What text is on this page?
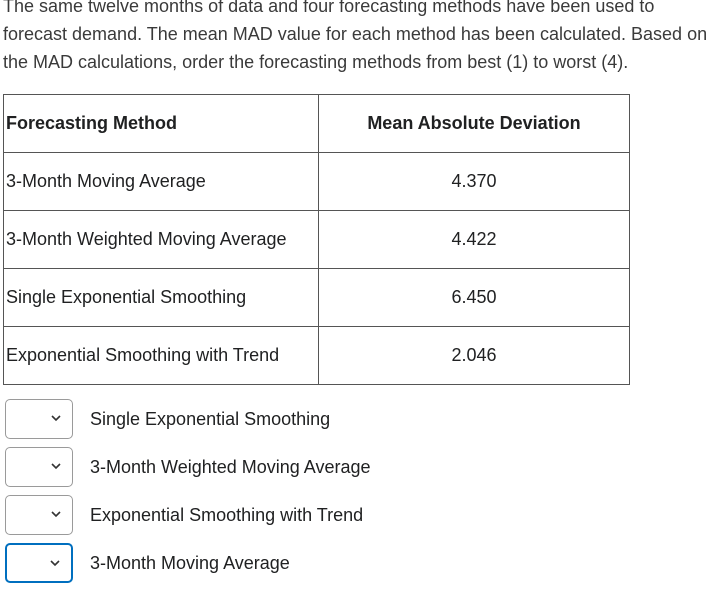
The same twelve months of data and four forecasting methods have been used to forecast demand. The mean MAD value for each method has been calculated. Based on the MAD calculations, order the forecasting methods from best (1) to worst (4).

Forecasting Method	Mean Absolute Deviation
3-Month Moving Average	4.370
3-Month Weighted Moving Average	4.422
Single Exponential Smoothing	6.450
Exponential Smoothing with Trend	2.046
Single Exponential Smoothing
3-Month Weighted Moving Average
Exponential Smoothing with Trend
3-Month Moving Average
